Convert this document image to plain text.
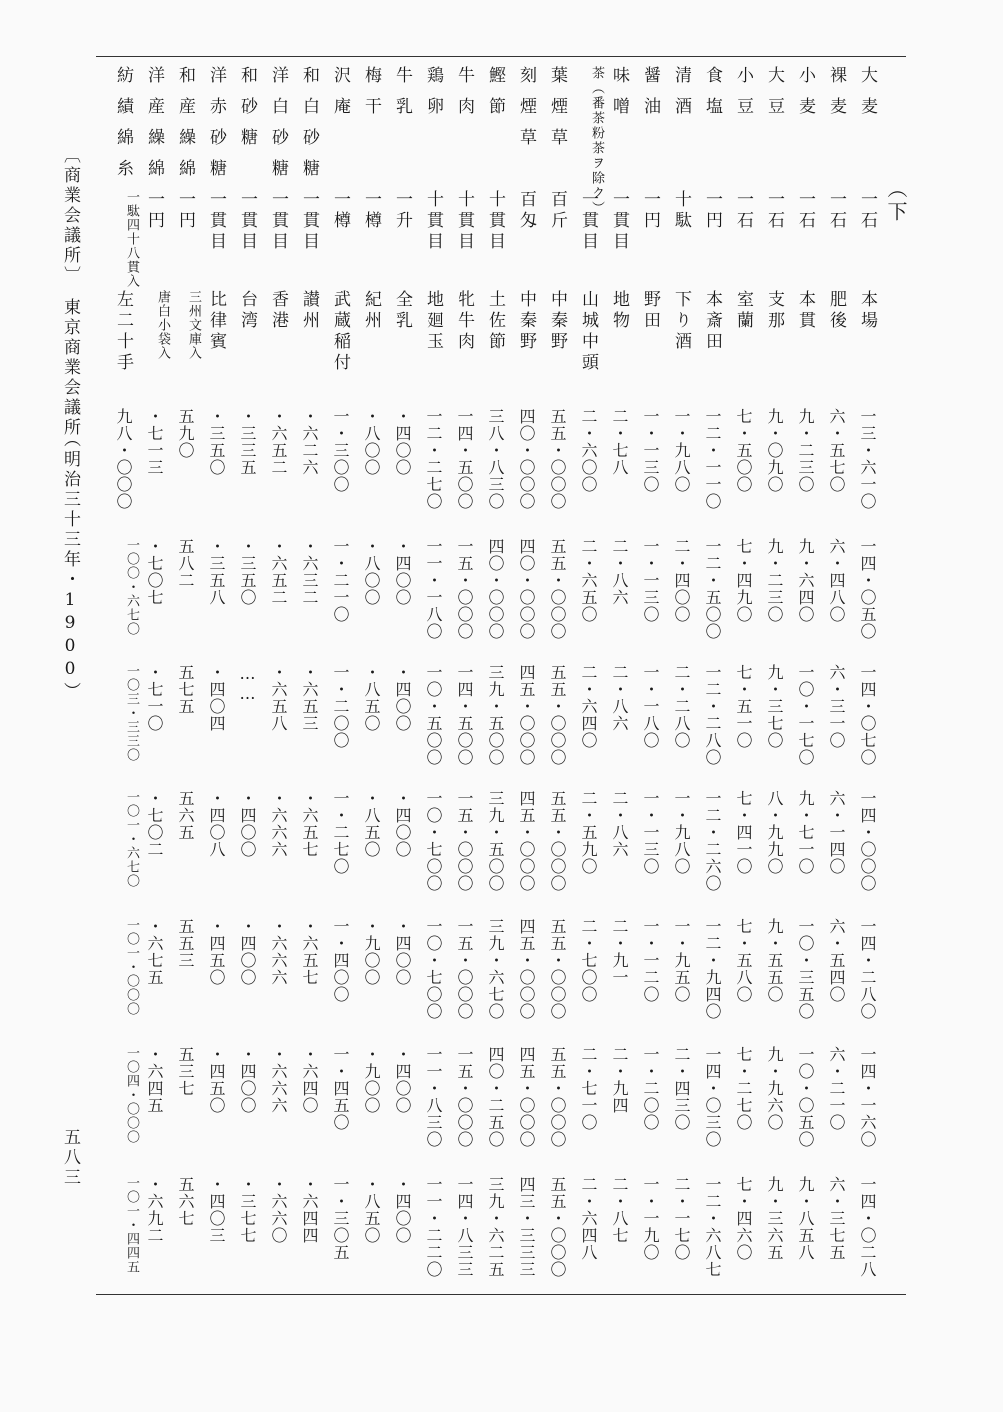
（下
大麦
一石
本場
一三・六一〇
一四・〇五〇
一四・〇七〇
一四・〇〇〇
一四・二八〇
一四・一六〇
一四・〇二八
裸麦
一石
肥後
六・五七〇
六・四八〇
六・三一〇
六・一四〇
六・五四〇
六・二一〇
六・三七五
小麦
一石
本貫
九・二三〇
九・六四〇
一〇・一七〇
九・七一〇
一〇・三五〇
一〇・〇五〇
九・八五八
大豆
一石
支那
九・〇九〇
九・二三〇
九・三七〇
八・九九〇
九・五五〇
九・九六〇
九・三六五
小豆
一石
室蘭
七・五〇〇
七・四九〇
七・五一〇
七・四一〇
七・五八〇
七・二七〇
七・四六〇
食塩
一円
本斎田
一二・一一〇
一二・五〇〇
一二・二八〇
一二・二六〇
一二・九四〇
一四・〇三〇
一二・六八七
清酒
十駄
下り酒
一・九八〇
二・四〇〇
二・二八〇
一・九八〇
一・九五〇
二・四三〇
二・一七〇
醤油
一円
野田
一・一三〇
一・一三〇
一・一八〇
一・一三〇
一・一二〇
一・二〇〇
一・一九〇
味噌
一貫目
地物
二・七八
二・八六
二・八六
二・八六
二・九一
二・九四
二・八七
茶（番茶粉茶ヲ除ク）
一貫目
山城中頭
二・六〇〇
二・六五〇
二・六四〇
二・五九〇
二・七〇〇
二・七一〇
二・六四八
葉煙草
百斤
中秦野
五五・〇〇〇
五五・〇〇〇
五五・〇〇〇
五五・〇〇〇
五五・〇〇〇
五五・〇〇〇
五五・〇〇〇
刻煙草
百匁
中秦野
四〇・〇〇〇
四〇・〇〇〇
四五・〇〇〇
四五・〇〇〇
四五・〇〇〇
四五・〇〇〇
四三・三三三
鰹節
十貫目
土佐節
三八・八三〇
四〇・〇〇〇
三九・五〇〇
三九・五〇〇
三九・六七〇
四〇・二五〇
三九・六二五
牛肉
十貫目
牝牛肉
一四・五〇〇
一五・〇〇〇
一四・五〇〇
一五・〇〇〇
一五・〇〇〇
一五・〇〇〇
一四・八三三
鶏卵
十貫目
地廻玉
一二・二七〇
一一・一八〇
一〇・五〇〇
一〇・七〇〇
一〇・七〇〇
一一・八三〇
一一・二二〇
牛乳
一升
全乳
・四〇〇
・四〇〇
・四〇〇
・四〇〇
・四〇〇
・四〇〇
・四〇〇
梅干
一樽
紀州
・八〇〇
・八〇〇
・八五〇
・八五〇
・九〇〇
・九〇〇
・八五〇
沢庵
一樽
武蔵稲付
一・三〇〇
一・二一〇
一・二〇〇
一・二七〇
一・四〇〇
一・四五〇
一・三〇五
和白砂糖
一貫目
讃州
・六二六
・六三二
・六五三
・六五七
・六五七
・六四〇
・六四四
洋白砂糖
一貫目
香港
・六五二
・六五二
・六五八
・六六六
・六六六
・六六六
・六六〇
和砂糖
一貫目
台湾
・三三五
・三五〇
……
・四〇〇
・四〇〇
・四〇〇
・三七七
洋赤砂糖
一貫目
比律賓
・三五〇
・三五八
・四〇四
・四〇八
・四五〇
・四五〇
・四〇三
和産繰綿
一円
三州文庫入
五九〇
五八二
五七五
五六五
五五三
五三七
五六七
洋産繰綿
一円
唐白小袋入
・七一三
・七〇七
・七一〇
・七〇二
・六七五
・六四五
・六九二
紡績綿糸
一駄四十八貫入
左二十手
九八・〇〇〇
一〇〇・六七〇
一〇三・三三〇
一〇一・六七〇
一〇一・〇〇〇
一〇四・〇〇〇
一〇一・四四五
〔商業会議所〕
東京商業会議所
（明治三十三年・1900）
五八三
